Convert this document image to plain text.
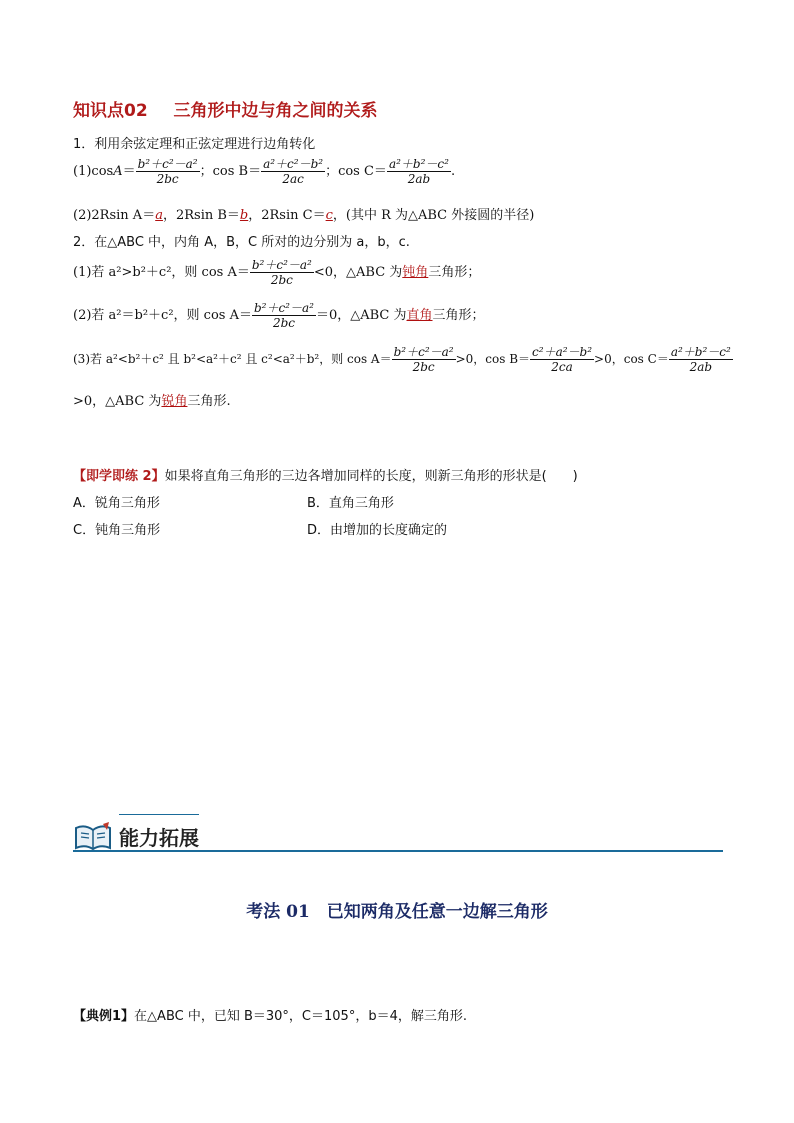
知识点02 三角形中边与角之间的关系
1．利用余弦定理和正弦定理进行边角转化
$(1)\cos A= \frac{\text{b²＋c²－a²}}{2bc}$ ；$\cos B= \frac{\text{a²＋c²－b²}}{2ac}$ ；$\cos C= \frac{\text{a²＋b²－c²}}{2ab}$ .
(2)2Rsin A＝a，2Rsin B＝b，2Rsin C＝c，(其中 R 为△ABC 外接圆的半径)
2．在△ABC 中，内角 A，B，C 所对的边分别为 a，b，c.
(1)若 a²>b²＋c²，则 $\cos A= \frac{\text{b²＋c²－a²}}{2bc} <0$，△ABC 为钝角三角形；
(2)若 a²＝b²＋c²，则 $\cos A= \frac{\text{b²＋c²－a²}}{2bc} =0$，△ABC 为直角三角形；
(3)若 a²<b²＋c² 且 b²<a²＋c² 且 c²<a²＋b²，则 $\cos A= \frac{\text{b²＋c²－a²}}{2bc} >0$，$\cos B= \frac{\text{c²＋a²－b²}}{2ca} >0$，$\cos C= \frac{\text{a²＋b²－c²}}{2ab}$
>0，△ABC 为锐角三角形.
【即学即练 2】如果将直角三角形的三边各增加同样的长度，则新三角形的形状是(　　)
A．锐角三角形	B．直角三角形
C．钝角三角形	D．由增加的长度确定的
能力拓展
考法 01　已知两角及任意一边解三角形
【典例1】在△ABC 中，已知 B＝30°，C＝105°，b＝4，解三角形.
